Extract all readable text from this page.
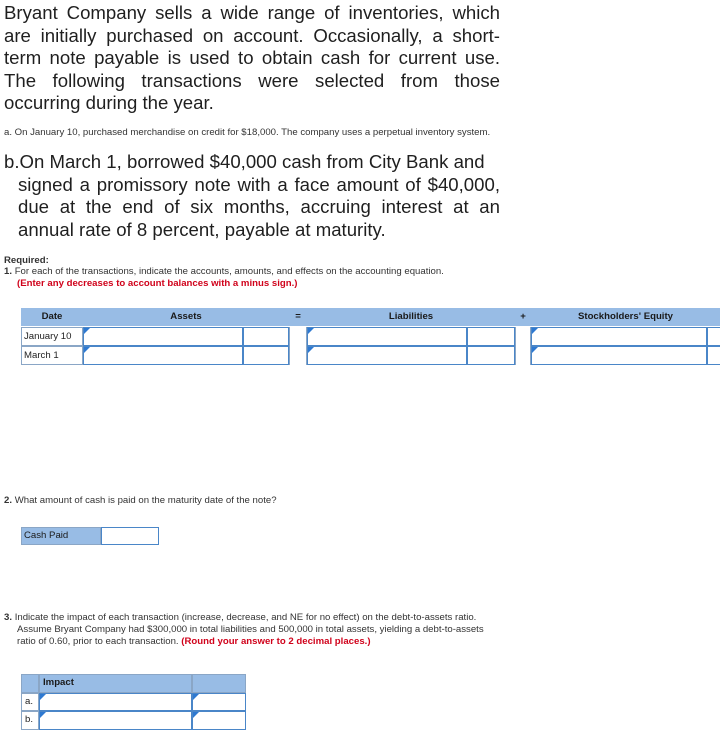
Bryant Company sells a wide range of inventories, which are initially purchased on account. Occasionally, a short-term note payable is used to obtain cash for current use. The following transactions were selected from those occurring during the year.

a. On January 10, purchased merchandise on credit for $18,000. The company uses a perpetual inventory system.

b.On March 1, borrowed $40,000 cash from City Bank and
signed a promissory note with a face amount of $40,000, due at the end of six months, accruing interest at an annual rate of 8 percent, payable at maturity.
Required:
1. For each of the transactions, indicate the accounts, amounts, and effects on the accounting equation.
(Enter any decreases to account balances with a minus sign.)
Date	Assets	=	Liabilities	+	Stockholders' Equity
January 10
March 1
2. What amount of cash is paid on the maturity date of the note?
Cash Paid
3. Indicate the impact of each transaction (increase, decrease, and NE for no effect) on the debt-to-assets ratio. Assume Bryant Company had $300,000 in total liabilities and 500,000 in total assets, yielding a debt-to-assets ratio of 0.60, prior to each transaction. (Round your answer to 2 decimal places.)
Impact
a.
b.
